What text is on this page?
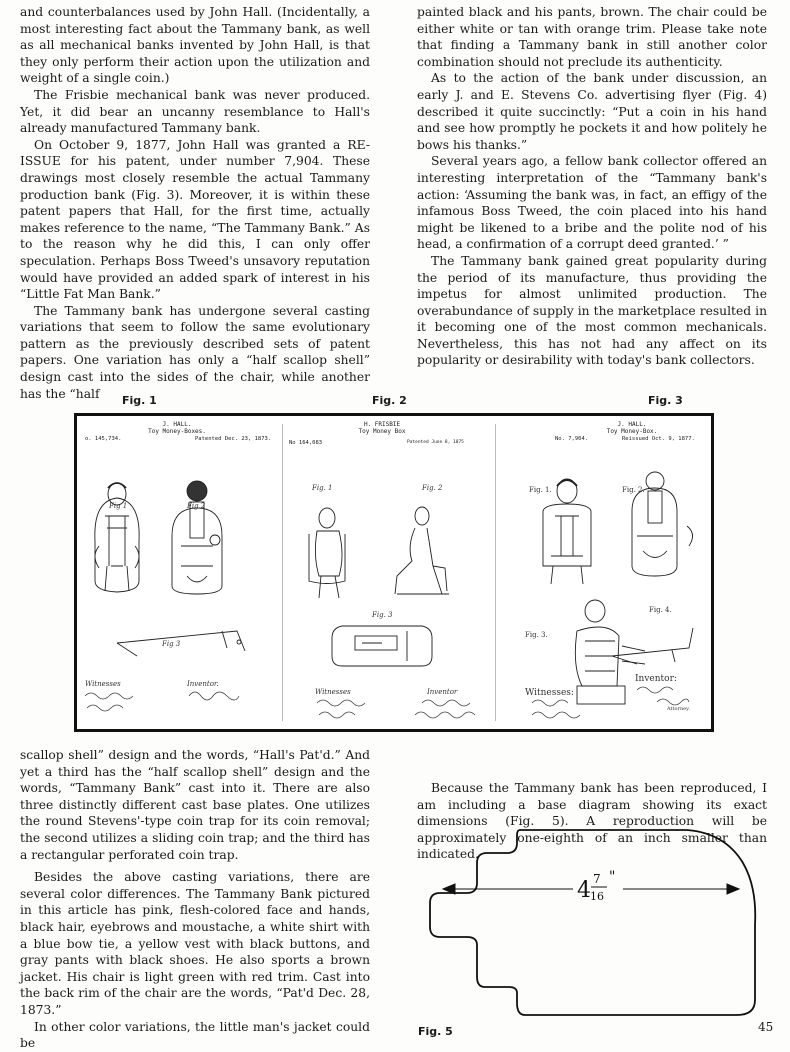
and counterbalances used by John Hall. (Incidentally, a most interesting fact about the Tammany bank, as well as all mechanical banks invented by John Hall, is that they only perform their action upon the utilization and weight of a single coin.)

The Frisbie mechanical bank was never produced. Yet, it did bear an uncanny resemblance to Hall's already manufactured Tammany bank.

On October 9, 1877, John Hall was granted a RE-ISSUE for his patent, under number 7,904. These drawings most closely resemble the actual Tammany production bank (Fig. 3). Moreover, it is within these patent papers that Hall, for the first time, actually makes reference to the name, “The Tammany Bank.” As to the reason why he did this, I can only offer speculation. Perhaps Boss Tweed's unsavory reputation would have provided an added spark of interest in his “Little Fat Man Bank.”

The Tammany bank has undergone several casting variations that seem to follow the same evolutionary pattern as the previously described sets of patent papers. One variation has only a “half scallop shell” design cast into the sides of the chair, while another has the “half

painted black and his pants, brown. The chair could be either white or tan with orange trim. Please take note that finding a Tammany bank in still another color combination should not preclude its authenticity.

As to the action of the bank under discussion, an early J. and E. Stevens Co. advertising flyer (Fig. 4) described it quite succinctly: “Put a coin in his hand and see how promptly he pockets it and how politely he bows his thanks.”

Several years ago, a fellow bank collector offered an interesting interpretation of the “Tammany bank's action: ‘Assuming the bank was, in fact, an effigy of the infamous Boss Tweed, the coin placed into his hand might be likened to a bribe and the polite nod of his head, a confirmation of a corrupt deed granted.’ ”

The Tammany bank gained great popularity during the period of its manufacture, thus providing the impetus for almost unlimited production. The overabundance of supply in the marketplace resulted in it becoming one of the most common mechanicals. Nevertheless, this has not had any affect on its popularity or desirability with today's bank collectors.

Fig. 1	Fig. 2	Fig. 3
J. HALL.
Toy Money-Boxes.
o. 145,734.	Patented Dec. 23, 1873.
H. FRISBIE
Toy Money Box
No 164,083	Patented June 8, 1875
J. HALL.
Toy Money-Box.
No. 7,904.	Reissued Oct. 9, 1877.
Fig 1	Fig 2
Fig 3
Fig. 1	Fig. 2
Fig. 3
Fig. 1.	Fig. 2.
Fig. 3.
Fig. 4.
Witnesses	Inventor.
Witnesses	Inventor	Witnesses:
Inventor:
Attorney.

scallop shell” design and the words, “Hall's Pat'd.” And yet a third has the “half scallop shell” design and the words, “Tammany Bank” cast into it. There are also three distinctly different cast base plates. One utilizes the round Stevens'-type coin trap for its coin removal; the second utilizes a sliding coin trap; and the third has a rectangular perforated coin trap.

Besides the above casting variations, there are several color differences. The Tammany Bank pictured in this article has pink, flesh-colored face and hands, black hair, eyebrows and moustache, a white shirt with a blue bow tie, a yellow vest with black buttons, and gray pants with black shoes. He also sports a brown jacket. His chair is light green with red trim. Cast into the back rim of the chair are the words, “Pat'd Dec. 28, 1873.”

In other color variations, the little man's jacket could be

Because the Tammany bank has been reproduced, I am including a base diagram showing its exact dimensions (Fig. 5). A reproduction will be approximately one-eighth of an inch smaller than indicated.

4 7
16
"
Fig. 5	45
